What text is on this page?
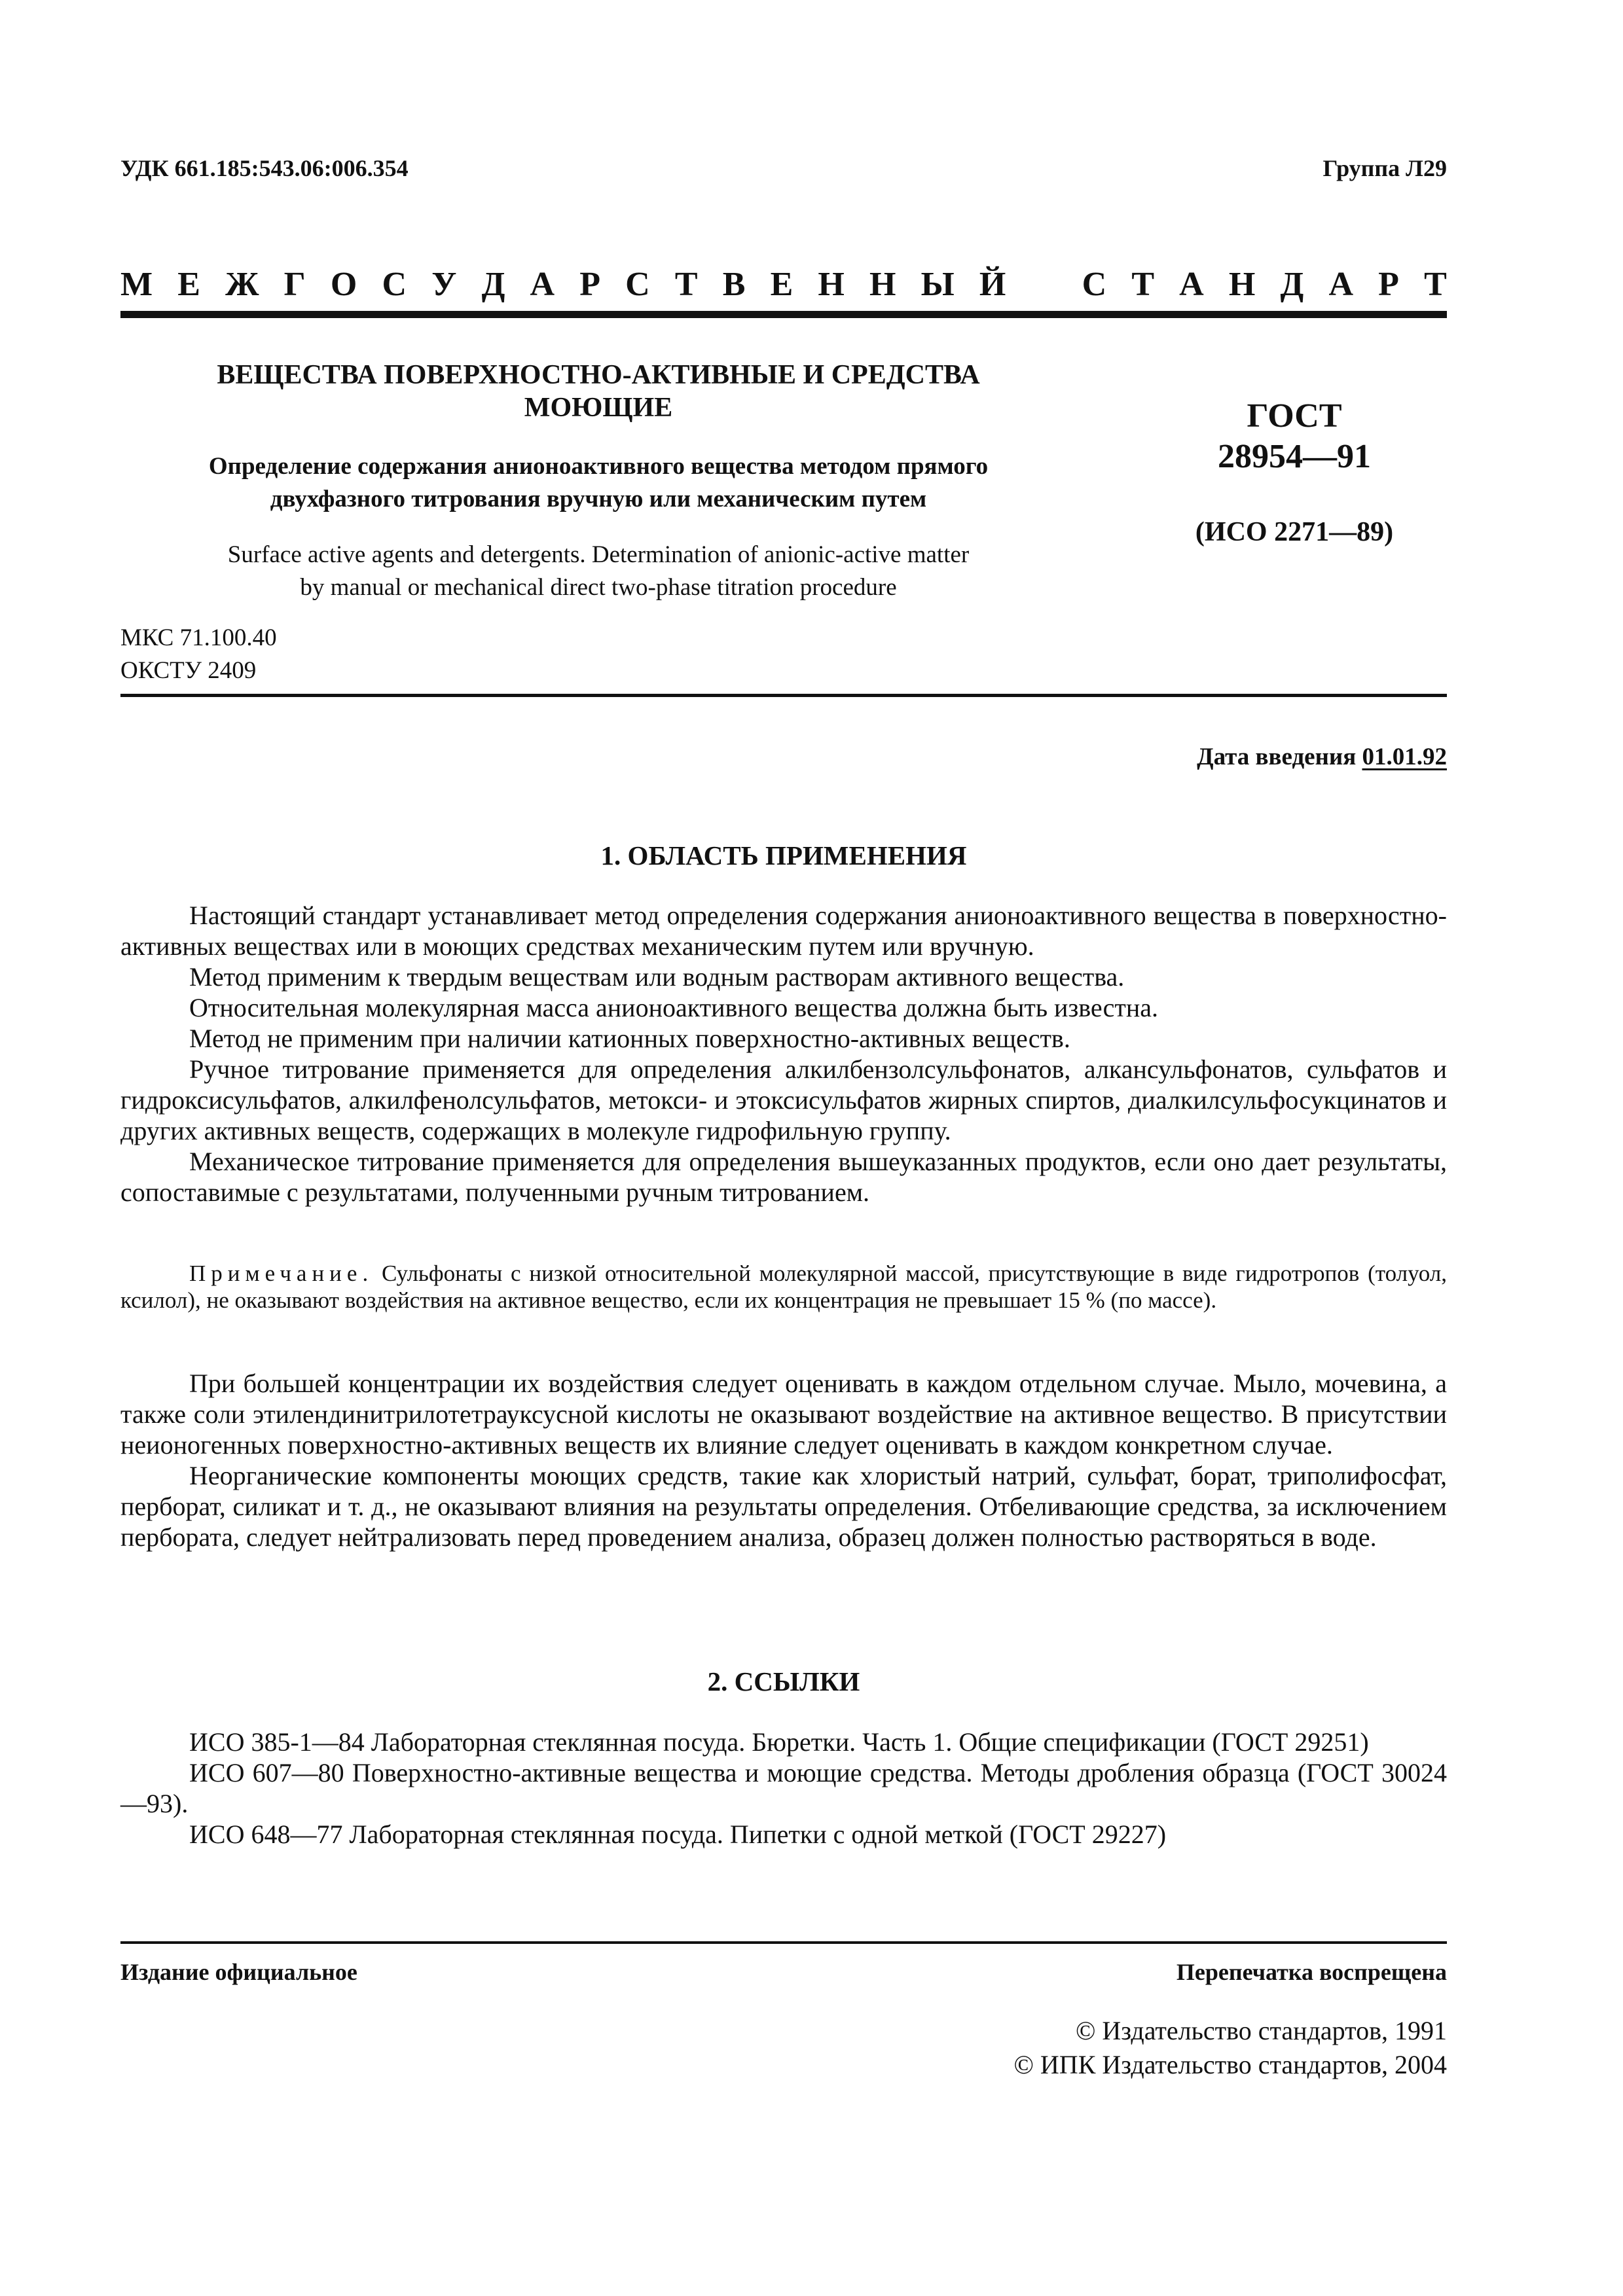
УДК 661.185:543.06:006.354	Группа Л29
М Е Ж Г О С У Д А Р С Т В Е Н Н Ы Й С Т А Н Д А Р Т
ВЕЩЕСТВА ПОВЕРХНОСТНО-АКТИВНЫЕ И СРЕДСТВА
МОЮЩИЕ
Определение содержания анионоактивного вещества методом прямого
двухфазного титрования вручную или механическим путем
Surface active agents and detergents. Determination of anionic-active matter
by manual or mechanical direct two-phase titration procedure
ГОСТ
28954—91
(ИСО 2271—89)
МКС 71.100.40
ОКСТУ 2409
Дата введения 01.01.92
1. ОБЛАСТЬ ПРИМЕНЕНИЯ

Настоящий стандарт устанавливает метод определения содержания анионоактивного вещества в поверхностно-активных веществах или в моющих средствах механическим путем или вручную.

Метод применим к твердым веществам или водным растворам активного вещества.

Относительная молекулярная масса анионоактивного вещества должна быть известна.

Метод не применим при наличии катионных поверхностно-активных веществ.

Ручное титрование применяется для определения алкилбензолсульфонатов, алкансульфонатов, сульфатов и гидроксисульфатов, алкилфенолсульфатов, метокси- и этоксисульфатов жирных спиртов, диалкилсульфосукцинатов и других активных веществ, содержащих в молекуле гидрофильную группу.

Механическое титрование применяется для определения вышеуказанных продуктов, если оно дает результаты, сопоставимые с результатами, полученными ручным титрованием.

Примечание. Сульфонаты с низкой относительной молекулярной массой, присутствующие в виде гидротропов (толуол, ксилол), не оказывают воздействия на активное вещество, если их концентрация не превышает 15 % (по массе).

При большей концентрации их воздействия следует оценивать в каждом отдельном случае. Мыло, мочевина, а также соли этилендинитрилотетрауксусной кислоты не оказывают воздействие на активное вещество. В присутствии неионогенных поверхностно-активных веществ их влияние следует оценивать в каждом конкретном случае.

Неорганические компоненты моющих средств, такие как хлористый натрий, сульфат, борат, триполифосфат, перборат, силикат и т. д., не оказывают влияния на результаты определения. Отбеливающие средства, за исключением пербората, следует нейтрализовать перед проведением анализа, образец должен полностью растворяться в воде.

2. ССЫЛКИ

ИСО 385-1—84 Лабораторная стеклянная посуда. Бюретки. Часть 1. Общие спецификации (ГОСТ 29251)

ИСО 607—80 Поверхностно-активные вещества и моющие средства. Методы дробления образца (ГОСТ 30024—93).

ИСО 648—77 Лабораторная стеклянная посуда. Пипетки с одной меткой (ГОСТ 29227)

Издание официальное	Перепечатка воспрещена
© Издательство стандартов, 1991
© ИПК Издательство стандартов, 2004
